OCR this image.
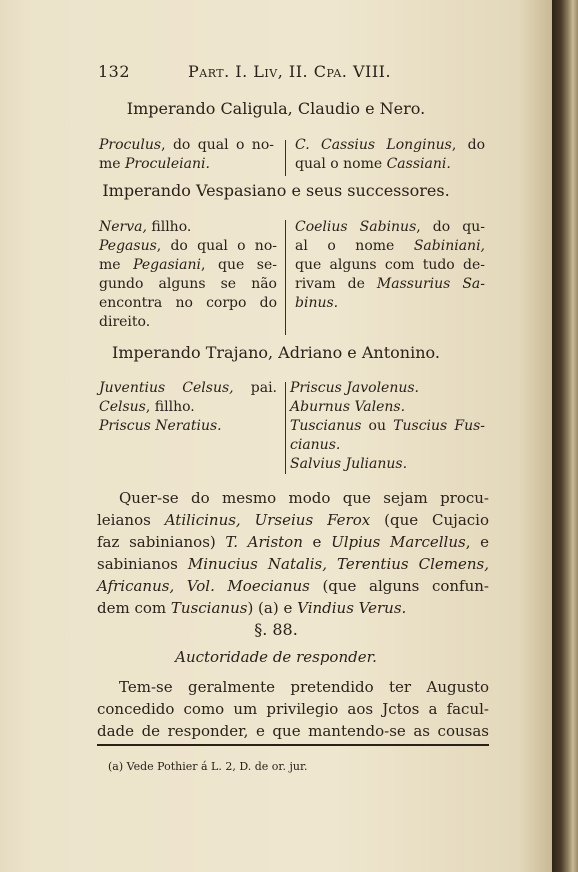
132	Part. I. Liv, II. Cpa. VIII.
Imperando Caligula, Claudio e Nero.
Proculus, do qual o no-
me Proculeiani.
C. Cassius Longinus, do
qual o nome Cassiani.
Imperando Vespasiano e seus successores.
Nerva, fillho.
Pegasus, do qual o no-
me Pegasiani, que se-
gundo alguns se não
encontra no corpo do
direito.
Coelius Sabinus, do qu-
al o nome Sabiniani,
que alguns com tudo de-
rivam de Massurius Sa-
binus.
Imperando Trajano, Adriano e Antonino.
Juventius Celsus, pai.
Celsus, fillho.
Priscus Neratius.
Priscus Javolenus.
Aburnus Valens.
Tuscianus ou Tuscius Fus-
cianus.
Salvius Julianus.
Quer-se do mesmo modo que sejam procu-
leianos Atilicinus, Urseius Ferox (que Cujacio
faz sabinianos) T. Ariston e Ulpius Marcellus, e
sabinianos Minucius Natalis, Terentius Clemens,
Africanus, Vol. Moecianus (que alguns confun-
dem com Tuscianus) (a) e Vindius Verus.
§. 88.
Auctoridade de responder.
Tem-se geralmente pretendido ter Augusto
concedido como um privilegio aos Jctos a facul-
dade de responder, e que mantendo-se as cousas
(a) Vede Pothier á L. 2, D. de or. jur.
